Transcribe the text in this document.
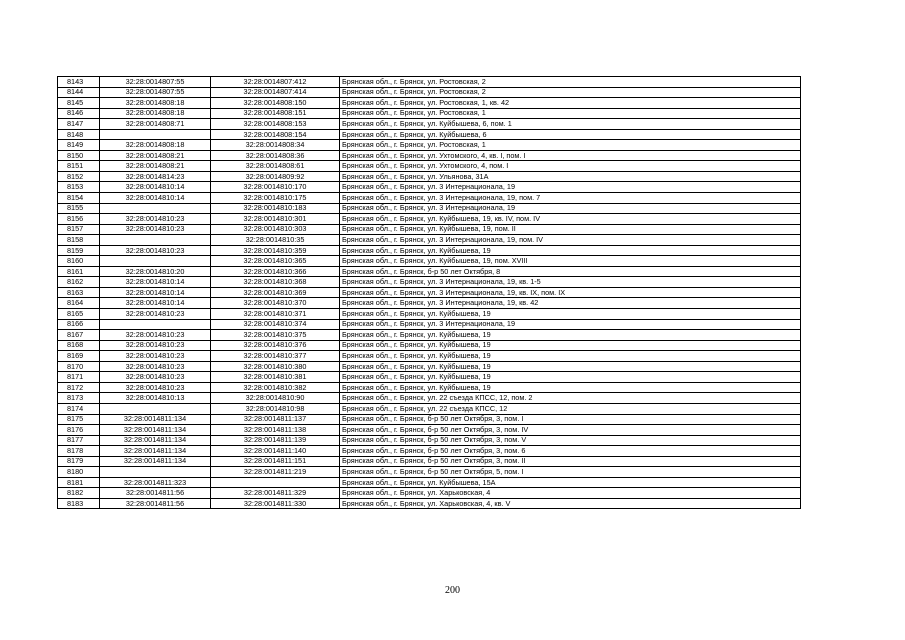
8143	32:28:0014807:55	32:28:0014807:412	Брянская обл., г. Брянск, ул. Ростовская, 2
8144	32:28:0014807:55	32:28:0014807:414	Брянская обл., г. Брянск, ул. Ростовская, 2
8145	32:28:0014808:18	32:28:0014808:150	Брянская обл., г. Брянск, ул. Ростовская, 1, кв. 42
8146	32:28:0014808:18	32:28:0014808:151	Брянская обл., г. Брянск, ул. Ростовская, 1
8147	32:28:0014808:71	32:28:0014808:153	Брянская обл., г. Брянск, ул. Куйбышева, 6, пом. 1
8148		32:28:0014808:154	Брянская обл., г. Брянск, ул. Куйбышева, 6
8149	32:28:0014808:18	32:28:0014808:34	Брянская обл., г. Брянск, ул. Ростовская, 1
8150	32:28:0014808:21	32:28:0014808:36	Брянская обл., г. Брянск, ул. Ухтомского, 4, кв. I, пом. I
8151	32:28:0014808:21	32:28:0014808:61	Брянская обл., г. Брянск, ул. Ухтомского, 4, пом. I
8152	32:28:0014814:23	32:28:0014809:92	Брянская обл., г. Брянск, ул. Ульянова, 31А
8153	32:28:0014810:14	32:28:0014810:170	Брянская обл., г. Брянск, ул. 3 Интернационала, 19
8154	32:28:0014810:14	32:28:0014810:175	Брянская обл., г. Брянск, ул. 3 Интернационала, 19, пом. 7
8155		32:28:0014810:183	Брянская обл., г. Брянск, ул. 3 Интернационала, 19
8156	32:28:0014810:23	32:28:0014810:301	Брянская обл., г. Брянск, ул. Куйбышева, 19, кв. IV, пом. IV
8157	32:28:0014810:23	32:28:0014810:303	Брянская обл., г. Брянск, ул. Куйбышева, 19, пом. II
8158		32:28:0014810:35	Брянская обл., г. Брянск, ул. 3 Интернационала, 19, пом. IV
8159	32:28:0014810:23	32:28:0014810:359	Брянская обл., г. Брянск, ул. Куйбышева, 19
8160		32:28:0014810:365	Брянская обл., г. Брянск, ул. Куйбышева, 19, пом. XVIII
8161	32:28:0014810:20	32:28:0014810:366	Брянская обл., г. Брянск, б-р 50 лет Октября, 8
8162	32:28:0014810:14	32:28:0014810:368	Брянская обл., г. Брянск, ул. 3 Интернационала, 19, кв. 1-5
8163	32:28:0014810:14	32:28:0014810:369	Брянская обл., г. Брянск, ул. 3 Интернационала, 19, кв. IX, пом. IX
8164	32:28:0014810:14	32:28:0014810:370	Брянская обл., г. Брянск, ул. 3 Интернационала, 19, кв. 42
8165	32:28:0014810:23	32:28:0014810:371	Брянская обл., г. Брянск, ул. Куйбышева, 19
8166		32:28:0014810:374	Брянская обл., г. Брянск, ул. 3 Интернационала, 19
8167	32:28:0014810:23	32:28:0014810:375	Брянская обл., г. Брянск, ул. Куйбышева, 19
8168	32:28:0014810:23	32:28:0014810:376	Брянская обл., г. Брянск, ул. Куйбышева, 19
8169	32:28:0014810:23	32:28:0014810:377	Брянская обл., г. Брянск, ул. Куйбышева, 19
8170	32:28:0014810:23	32:28:0014810:380	Брянская обл., г. Брянск, ул. Куйбышева, 19
8171	32:28:0014810:23	32:28:0014810:381	Брянская обл., г. Брянск, ул. Куйбышева, 19
8172	32:28:0014810:23	32:28:0014810:382	Брянская обл., г. Брянск, ул. Куйбышева, 19
8173	32:28:0014810:13	32:28:0014810:90	Брянская обл., г. Брянск, ул. 22 съезда КПСС, 12, пом. 2
8174		32:28:0014810:98	Брянская обл., г. Брянск, ул. 22 съезда КПСС, 12
8175	32:28:0014811:134	32:28:0014811:137	Брянская обл., г. Брянск, б-р 50 лет Октября, 3, пом. I
8176	32:28:0014811:134	32:28:0014811:138	Брянская обл., г. Брянск, б-р 50 лет Октября, 3, пом. IV
8177	32:28:0014811:134	32:28:0014811:139	Брянская обл., г. Брянск, б-р 50 лет Октября, 3, пом. V
8178	32:28:0014811:134	32:28:0014811:140	Брянская обл., г. Брянск, б-р 50 лет Октября, 3, пом. 6
8179	32:28:0014811:134	32:28:0014811:151	Брянская обл., г. Брянск, б-р 50 лет Октября, 3, пом. II
8180		32:28:0014811:219	Брянская обл., г. Брянск, б-р 50 лет Октября, 5, пом. I
8181	32:28:0014811:323		Брянская обл., г. Брянск, ул. Куйбышева, 15А
8182	32:28:0014811:56	32:28:0014811:329	Брянская обл., г. Брянск, ул. Харьковская, 4
8183	32:28:0014811:56	32:28:0014811:330	Брянская обл., г. Брянск, ул. Харьковская, 4, кв. V
200
